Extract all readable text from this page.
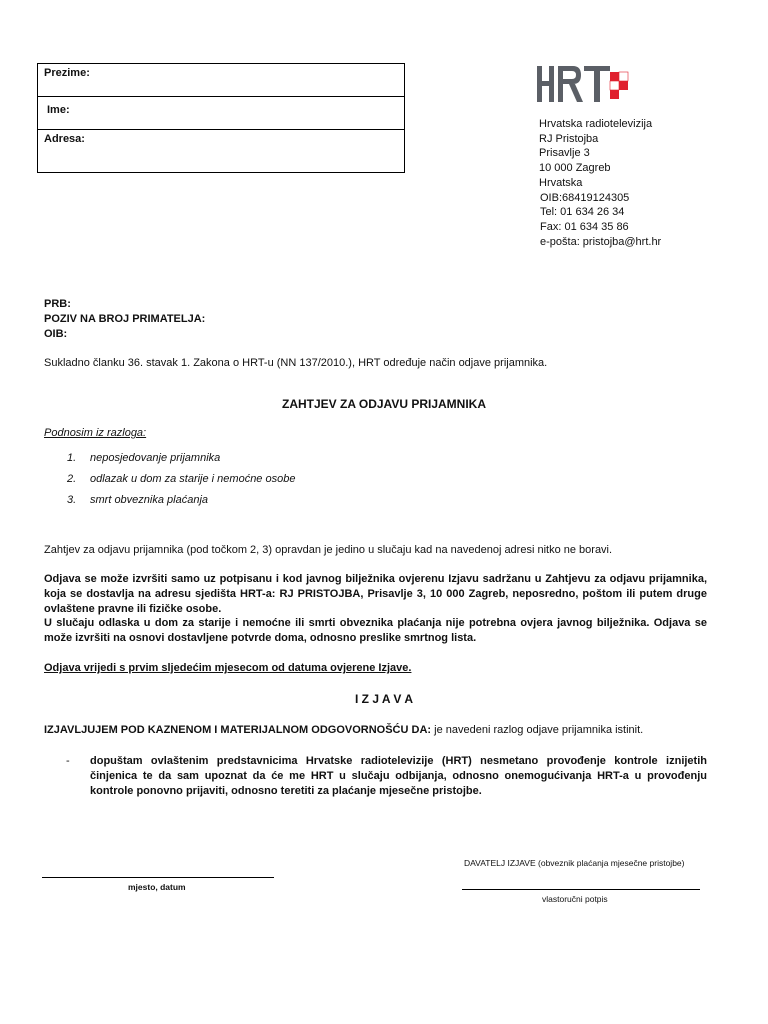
Prezime:
Ime:
Adresa:
Hrvatska radiotelevizija
RJ Pristojba
Prisavlje 3
10 000 Zagreb
Hrvatska
OIB:68419124305
Tel: 01 634 26 34
Fax: 01 634 35 86
e-pošta: pristojba@hrt.hr
PRB:
POZIV NA BROJ PRIMATELJA:
OIB:
Sukladno članku 36. stavak 1. Zakona o HRT-u (NN 137/2010.), HRT određuje način odjave prijamnika.
ZAHTJEV ZA ODJAVU PRIJAMNIKA
Podnosim iz razloga:
1. neposjedovanje prijamnika
2. odlazak u dom za starije i nemoćne osobe
3. smrt obveznika plaćanja
Zahtjev za odjavu prijamnika (pod točkom 2, 3) opravdan je jedino u slučaju kad na navedenoj adresi nitko ne boravi.
Odjava se može izvršiti samo uz potpisanu i kod javnog bilježnika ovjerenu Izjavu sadržanu u Zahtjevu za odjavu prijamnika, koja se dostavlja na adresu sjedišta HRT-a: RJ PRISTOJBA, Prisavlje 3, 10 000 Zagreb, neposredno, poštom ili putem druge ovlaštene pravne ili fizičke osobe.
U slučaju odlaska u dom za starije i nemoćne ili smrti obveznika plaćanja nije potrebna ovjera javnog bilježnika. Odjava se može izvršiti na osnovi dostavljene potvrde doma, odnosno preslike smrtnog lista.
Odjava vrijedi s prvim sljedećim mjesecom od datuma ovjerene Izjave.
I Z J A V A
IZJAVLJUJEM POD KAZNENOM I MATERIJALNOM ODGOVORNOŠĆU DA: je navedeni razlog odjave prijamnika istinit.
- dopuštam ovlaštenim predstavnicima Hrvatske radiotelevizije (HRT) nesmetano provođenje kontrole iznijetih činjenica te da sam upoznat da će me HRT u slučaju odbijanja, odnosno onemogućivanja HRT-a u provođenju kontrole ponovno prijaviti, odnosno teretiti za plaćanje mjesečne pristojbe.
DAVATELJ IZJAVE (obveznik plaćanja mjesečne pristojbe)
mjesto, datum
vlastoručni potpis
